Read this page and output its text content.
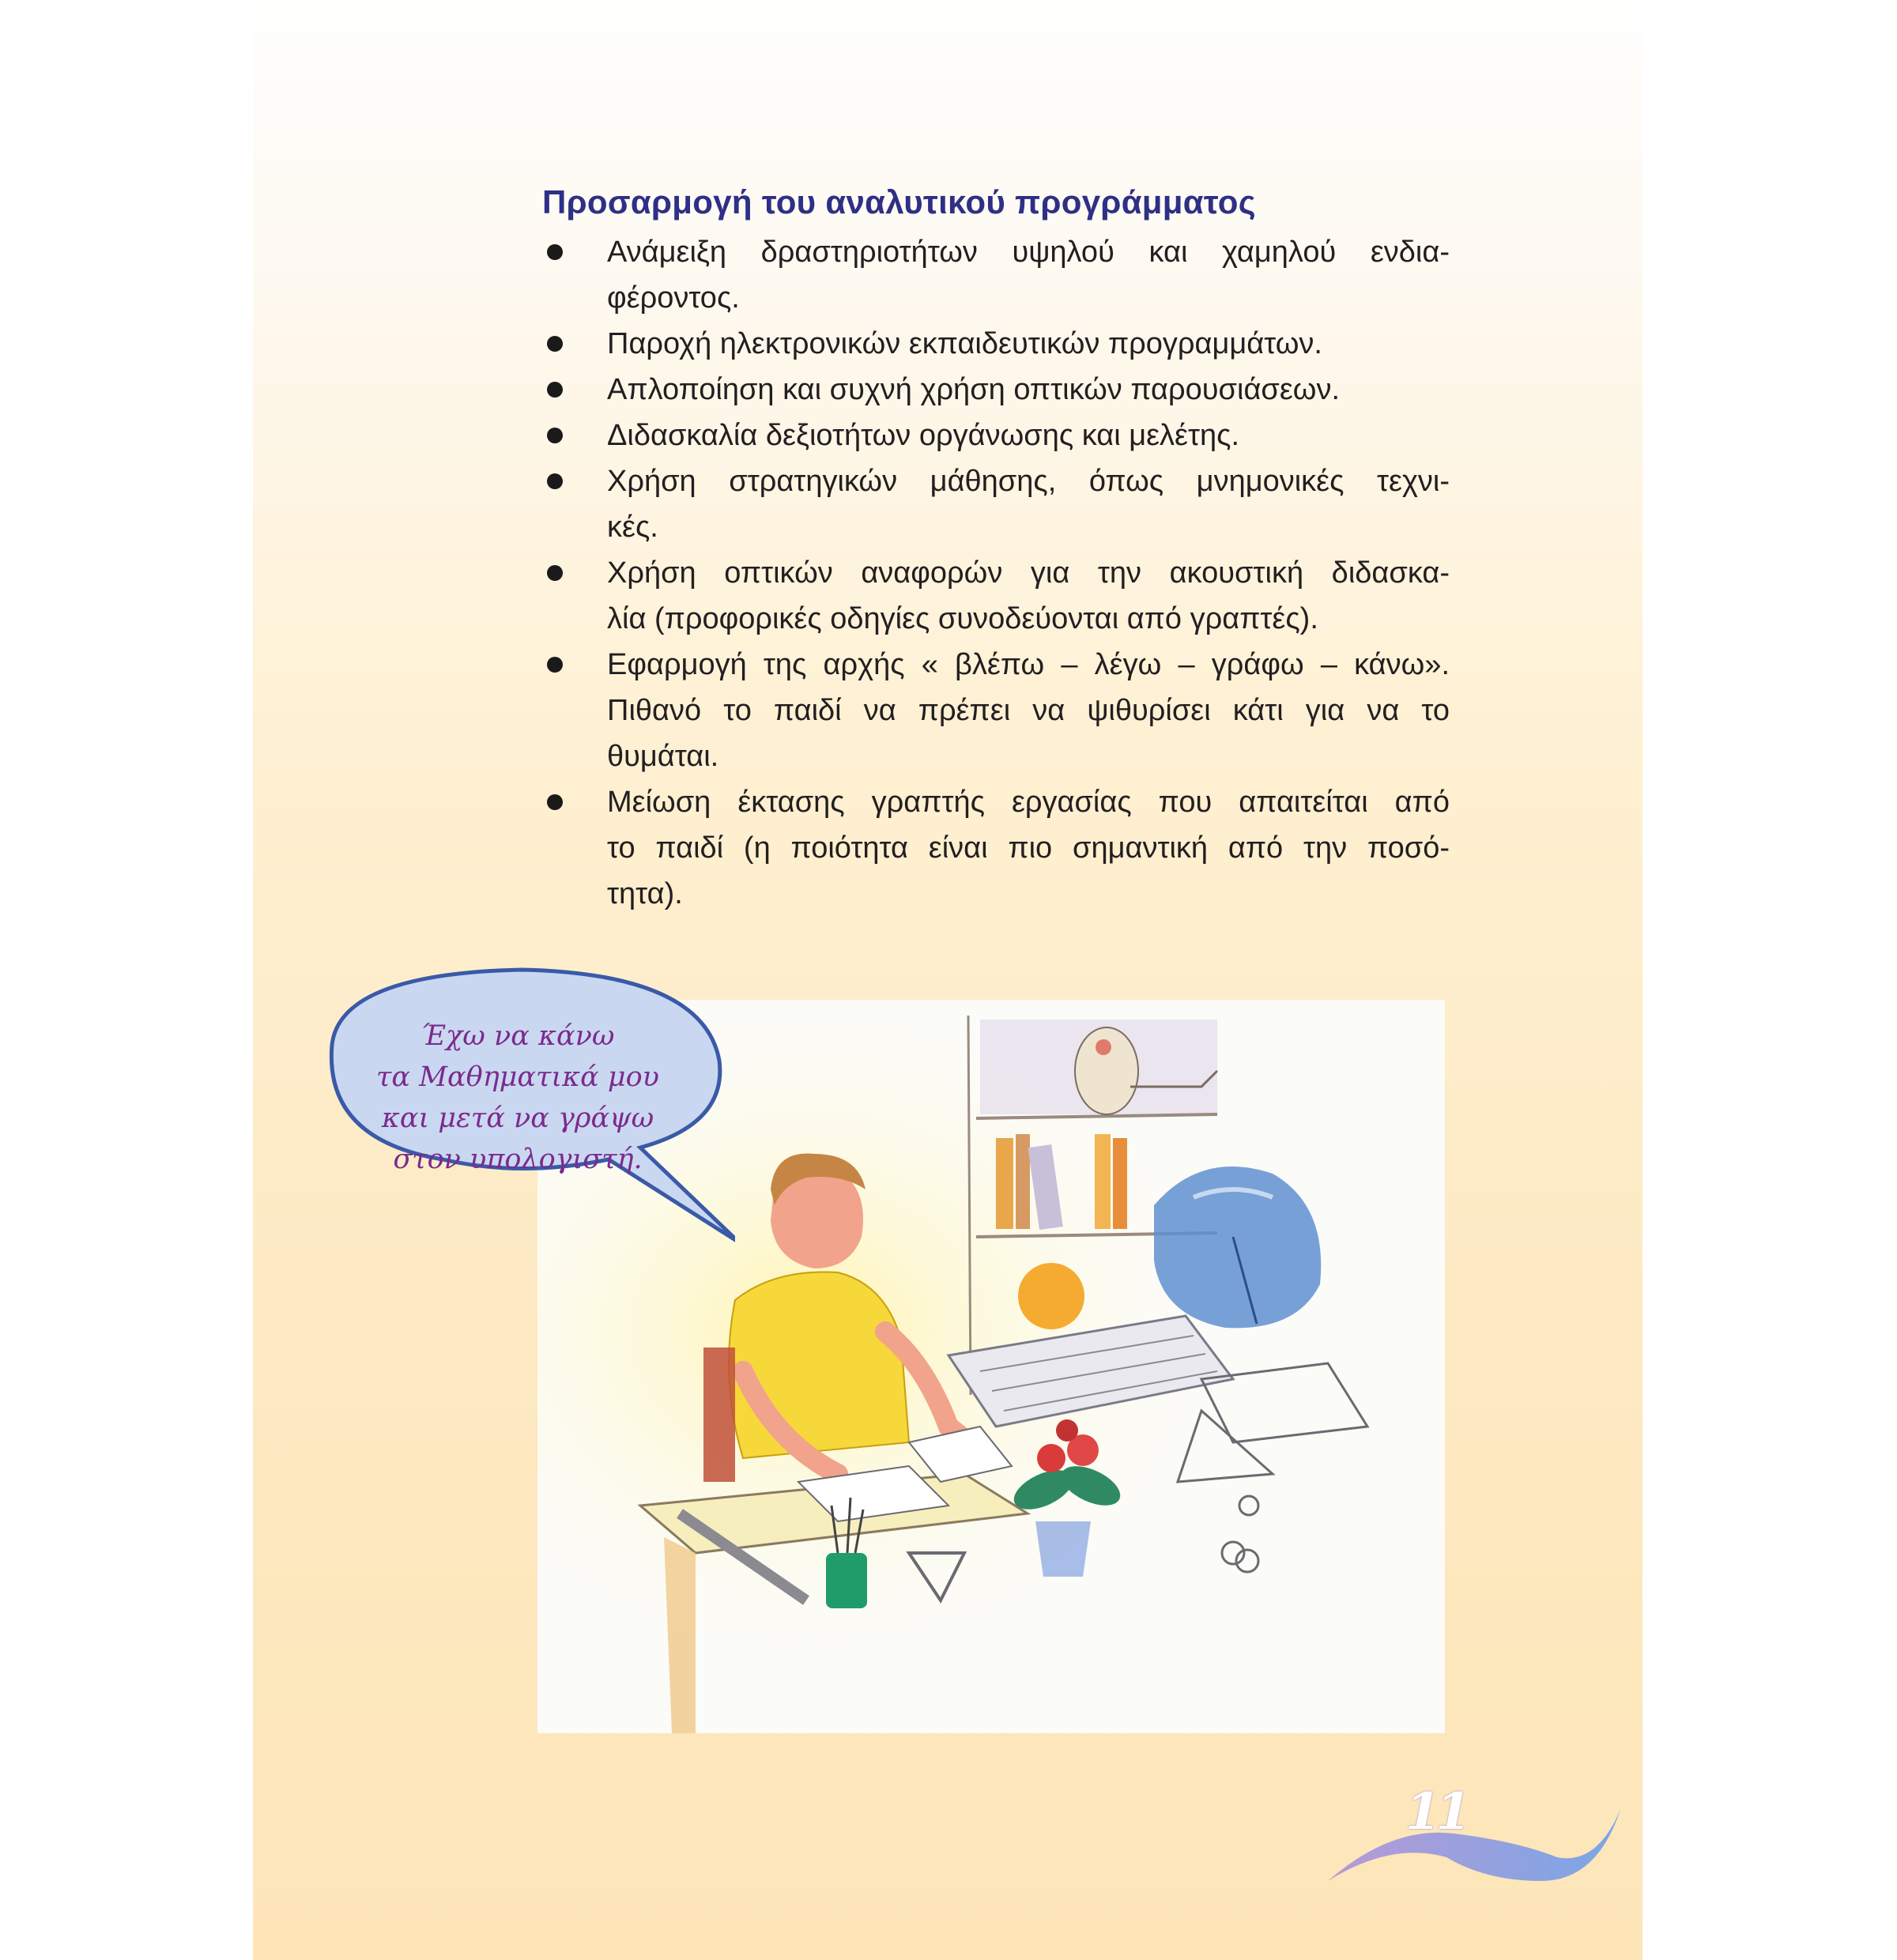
Προσαρμογή του αναλυτικού προγράμματος
Ανάμειξη δραστηριοτήτων υψηλού και χαμηλού ενδια-
φέροντος.
Παροχή ηλεκτρονικών εκπαιδευτικών προγραμμάτων.
Απλοποίηση και συχνή χρήση οπτικών παρουσιάσεων.
Διδασκαλία δεξιοτήτων οργάνωσης και μελέτης.
Χρήση στρατηγικών μάθησης, όπως μνημονικές τεχνι-
κές.
Χρήση οπτικών αναφορών για την ακουστική διδασκα-
λία (προφορικές οδηγίες συνοδεύονται από γραπτές).
Εφαρμογή της αρχής « βλέπω – λέγω – γράφω – κάνω».
Πιθανό το παιδί να πρέπει να ψιθυρίσει κάτι για να το
θυμάται.
Μείωση έκτασης γραπτής εργασίας που απαιτείται από
το παιδί (η ποιότητα είναι πιο σημαντική από την ποσό-
τητα).
Έχω να κάνω
τα Μαθηματικά μου
και μετά να γράψω
στον υπολογιστή.

11
